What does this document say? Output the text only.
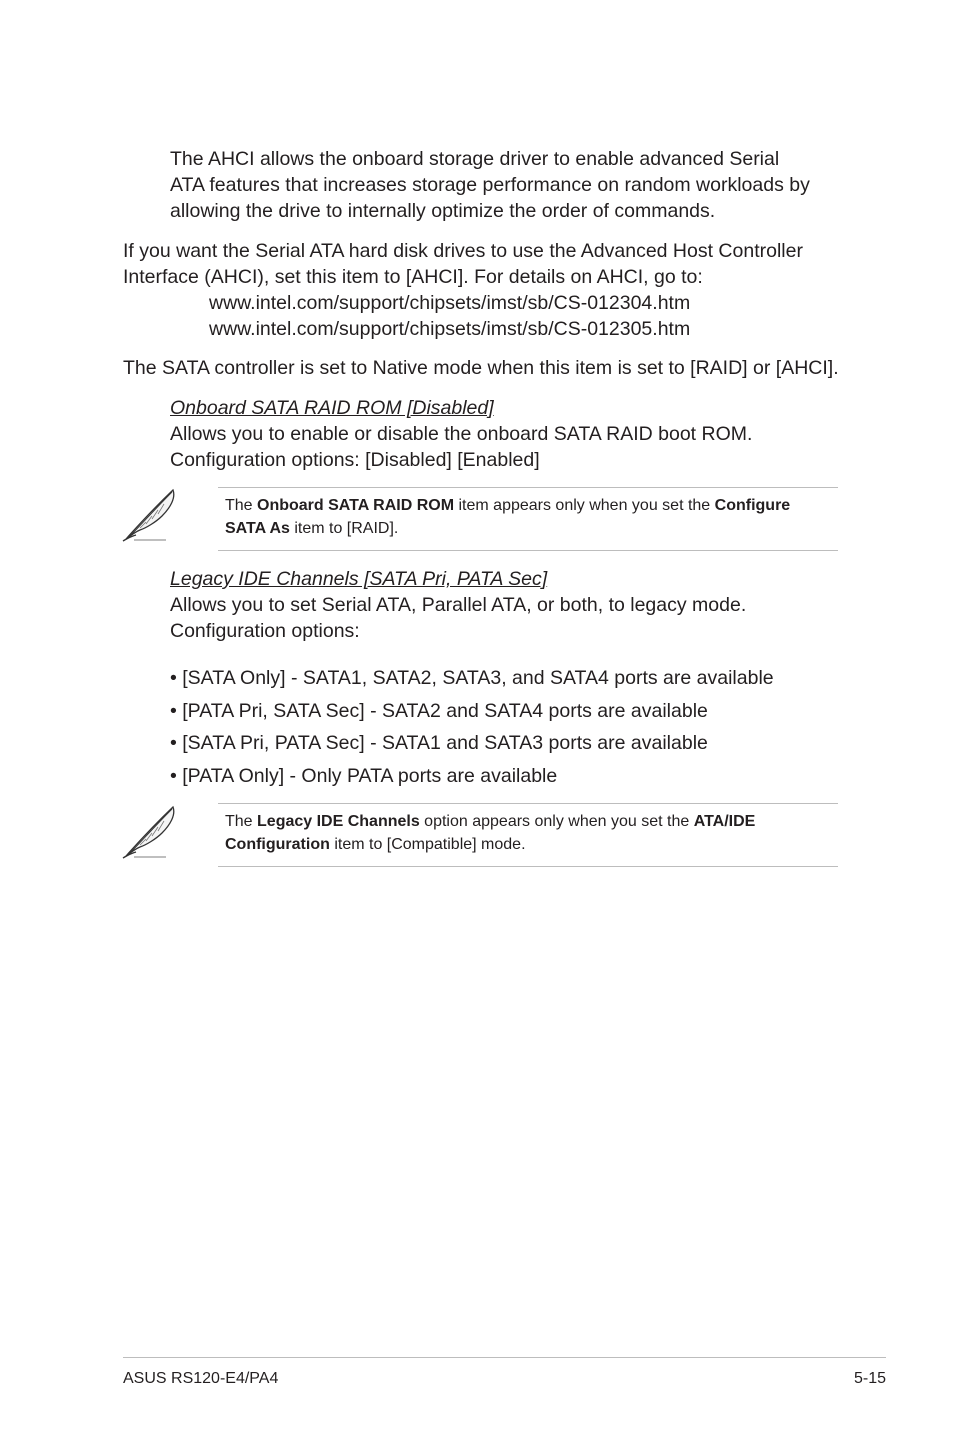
The AHCI allows the onboard storage driver to enable advanced Serial

ATA features that increases storage performance on random workloads by

allowing the drive to internally optimize the order of commands.

If you want the Serial ATA hard disk drives to use the Advanced Host Controller

Interface (AHCI), set this item to [AHCI]. For details on AHCI, go to:

www.intel.com/support/chipsets/imst/sb/CS-012304.htm

www.intel.com/support/chipsets/imst/sb/CS-012305.htm

The SATA controller is set to Native mode when this item is set to [RAID] or [AHCI].

Onboard SATA RAID ROM [Disabled]

Allows you to enable or disable the onboard SATA RAID boot ROM.

Configuration options: [Disabled] [Enabled]

The Onboard SATA RAID ROM item appears only when you set the Configure
SATA As item to [RAID].

Legacy IDE Channels [SATA Pri, PATA Sec]

Allows you to set Serial ATA, Parallel ATA, or both, to legacy mode.

Configuration options:

• [SATA Only] - SATA1, SATA2, SATA3, and SATA4 ports are available

• [PATA Pri, SATA Sec] - SATA2 and SATA4 ports are available

• [SATA Pri, PATA Sec] - SATA1 and SATA3 ports are available

• [PATA Only] - Only PATA ports are available

The Legacy IDE Channels option appears only when you set the ATA/IDE
Configuration item to [Compatible] mode.
ASUS RS120-E4/PA4	5-15
